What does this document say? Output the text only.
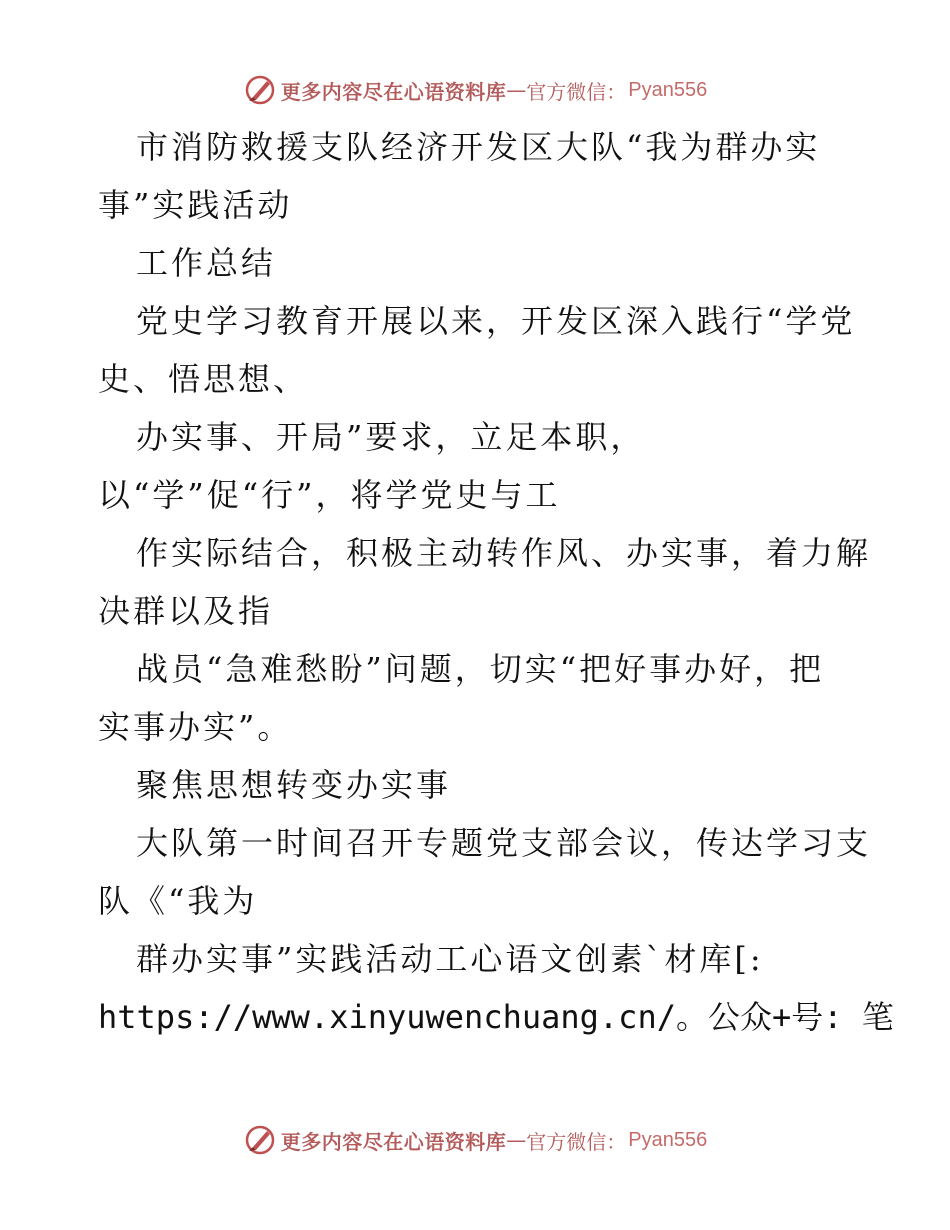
更多内容尽在心语资料库 — 官方微信： Pyan556
市消防救援支队经济开发区大队“我为群办实
事”实践活动
工作总结
党史学习教育开展以来，开发区深入践行“学党
史、悟思想、
办实事、开局”要求，立足本职，
以“学”促“行”，将学党史与工
作实际结合，积极主动转作风、办实事，着力解
决群以及指
战员“急难愁盼”问题，切实“把好事办好，把
实事办实”。
聚焦思想转变办实事
大队第一时间召开专题党支部会议，传达学习支
队《“我为
群办实事”实践活动工心语文创素`材库[:
https://www.xinyuwenchuang.cn/。公众+号: 笔
更多内容尽在心语资料库 — 官方微信： Pyan556
